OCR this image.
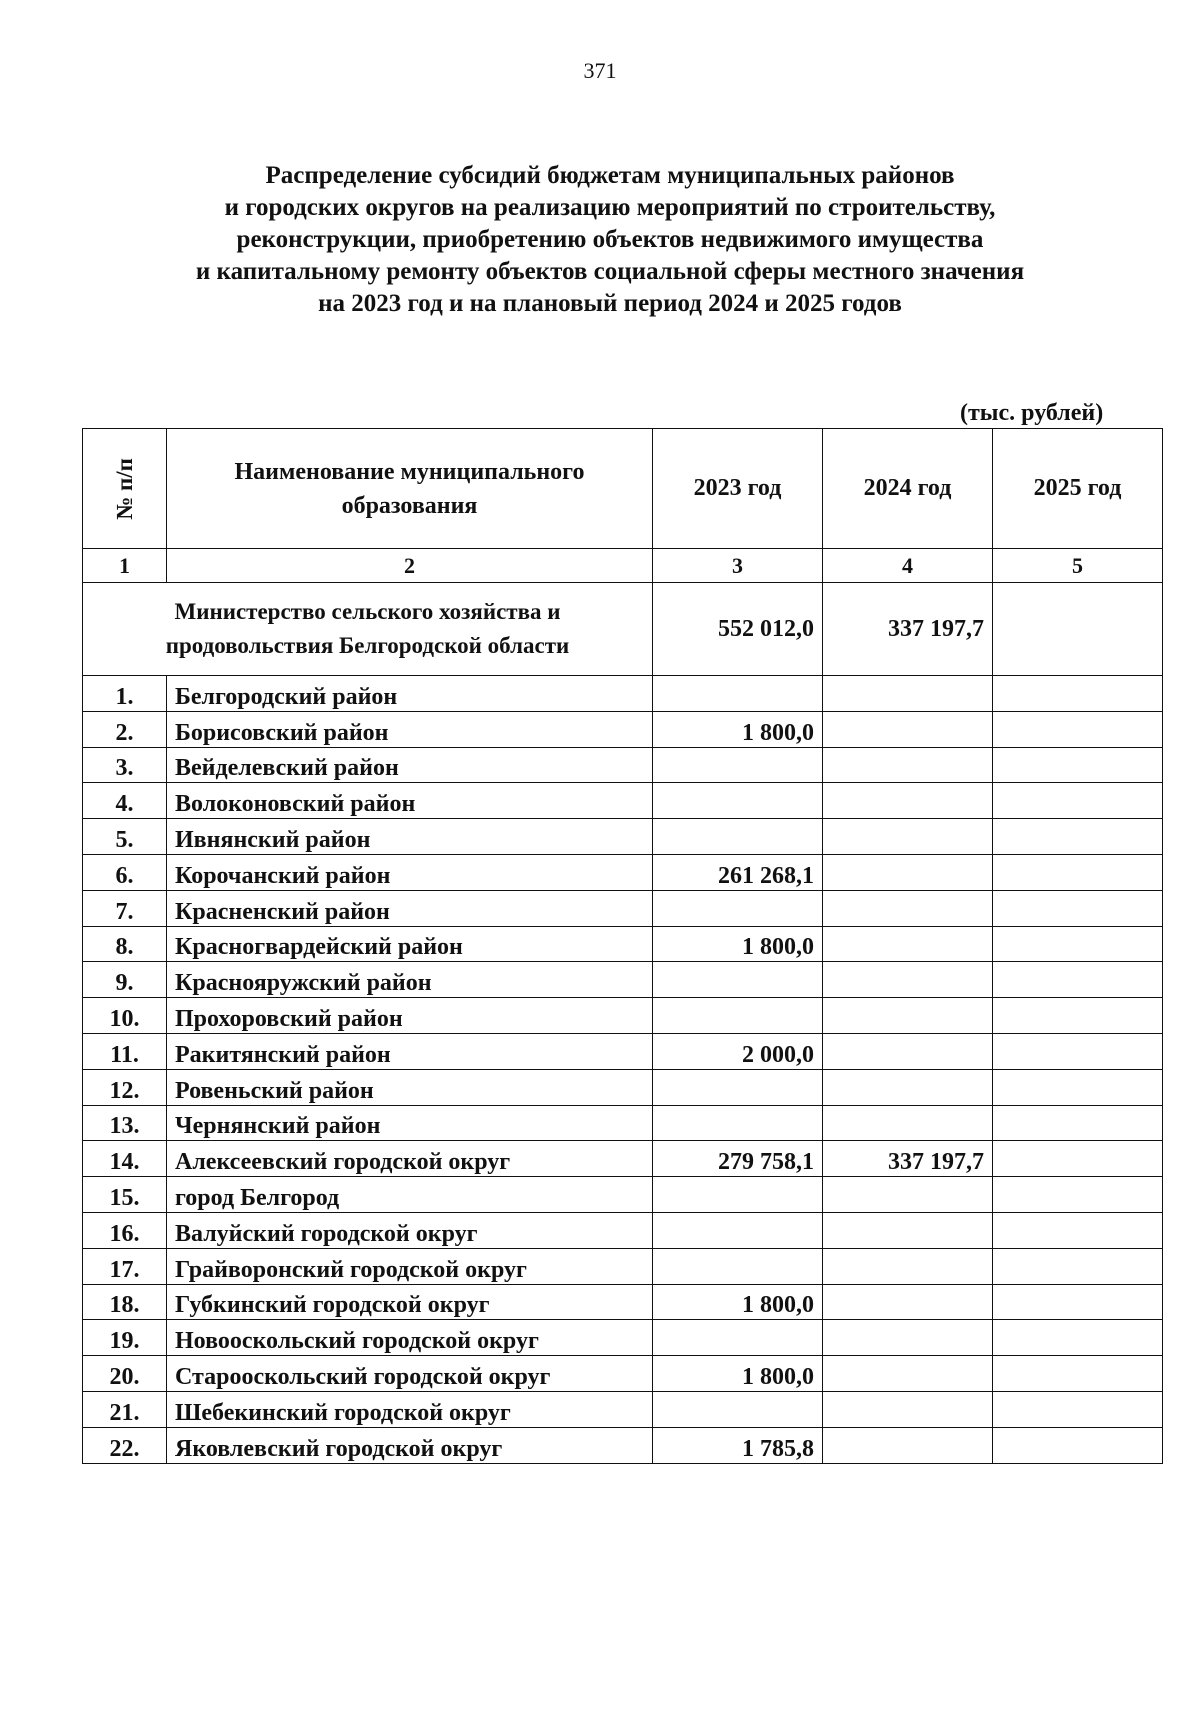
371
Распределение субсидий бюджетам муниципальных районов
и городских округов на реализацию мероприятий по строительству,
реконструкции, приобретению объектов недвижимого имущества
и капитальному ремонту объектов социальной сферы местного значения
на 2023 год и на плановый период 2024 и 2025 годов
(тыс. рублей)
№ п/п	Наименование муниципального образования	2023 год	2024 год	2025 год
1	2	3	4	5
Министерство сельского хозяйства и продовольствия Белгородской области		552 012,0	337 197,7	
1.	Белгородский район			
2.	Борисовский район	1 800,0		
3.	Вейделевский район			
4.	Волоконовский район			
5.	Ивнянский район			
6.	Корочанский район	261 268,1		
7.	Красненский район			
8.	Красногвардейский район	1 800,0		
9.	Краснояружский район			
10.	Прохоровский район			
11.	Ракитянский район	2 000,0		
12.	Ровеньский район			
13.	Чернянский район			
14.	Алексеевский городской округ	279 758,1	337 197,7	
15.	город Белгород			
16.	Валуйский городской округ			
17.	Грайворонский городской округ			
18.	Губкинский городской округ	1 800,0		
19.	Новооскольский городской округ			
20.	Старооскольский городской округ	1 800,0		
21.	Шебекинский городской округ			
22.	Яковлевский городской округ	1 785,8		
